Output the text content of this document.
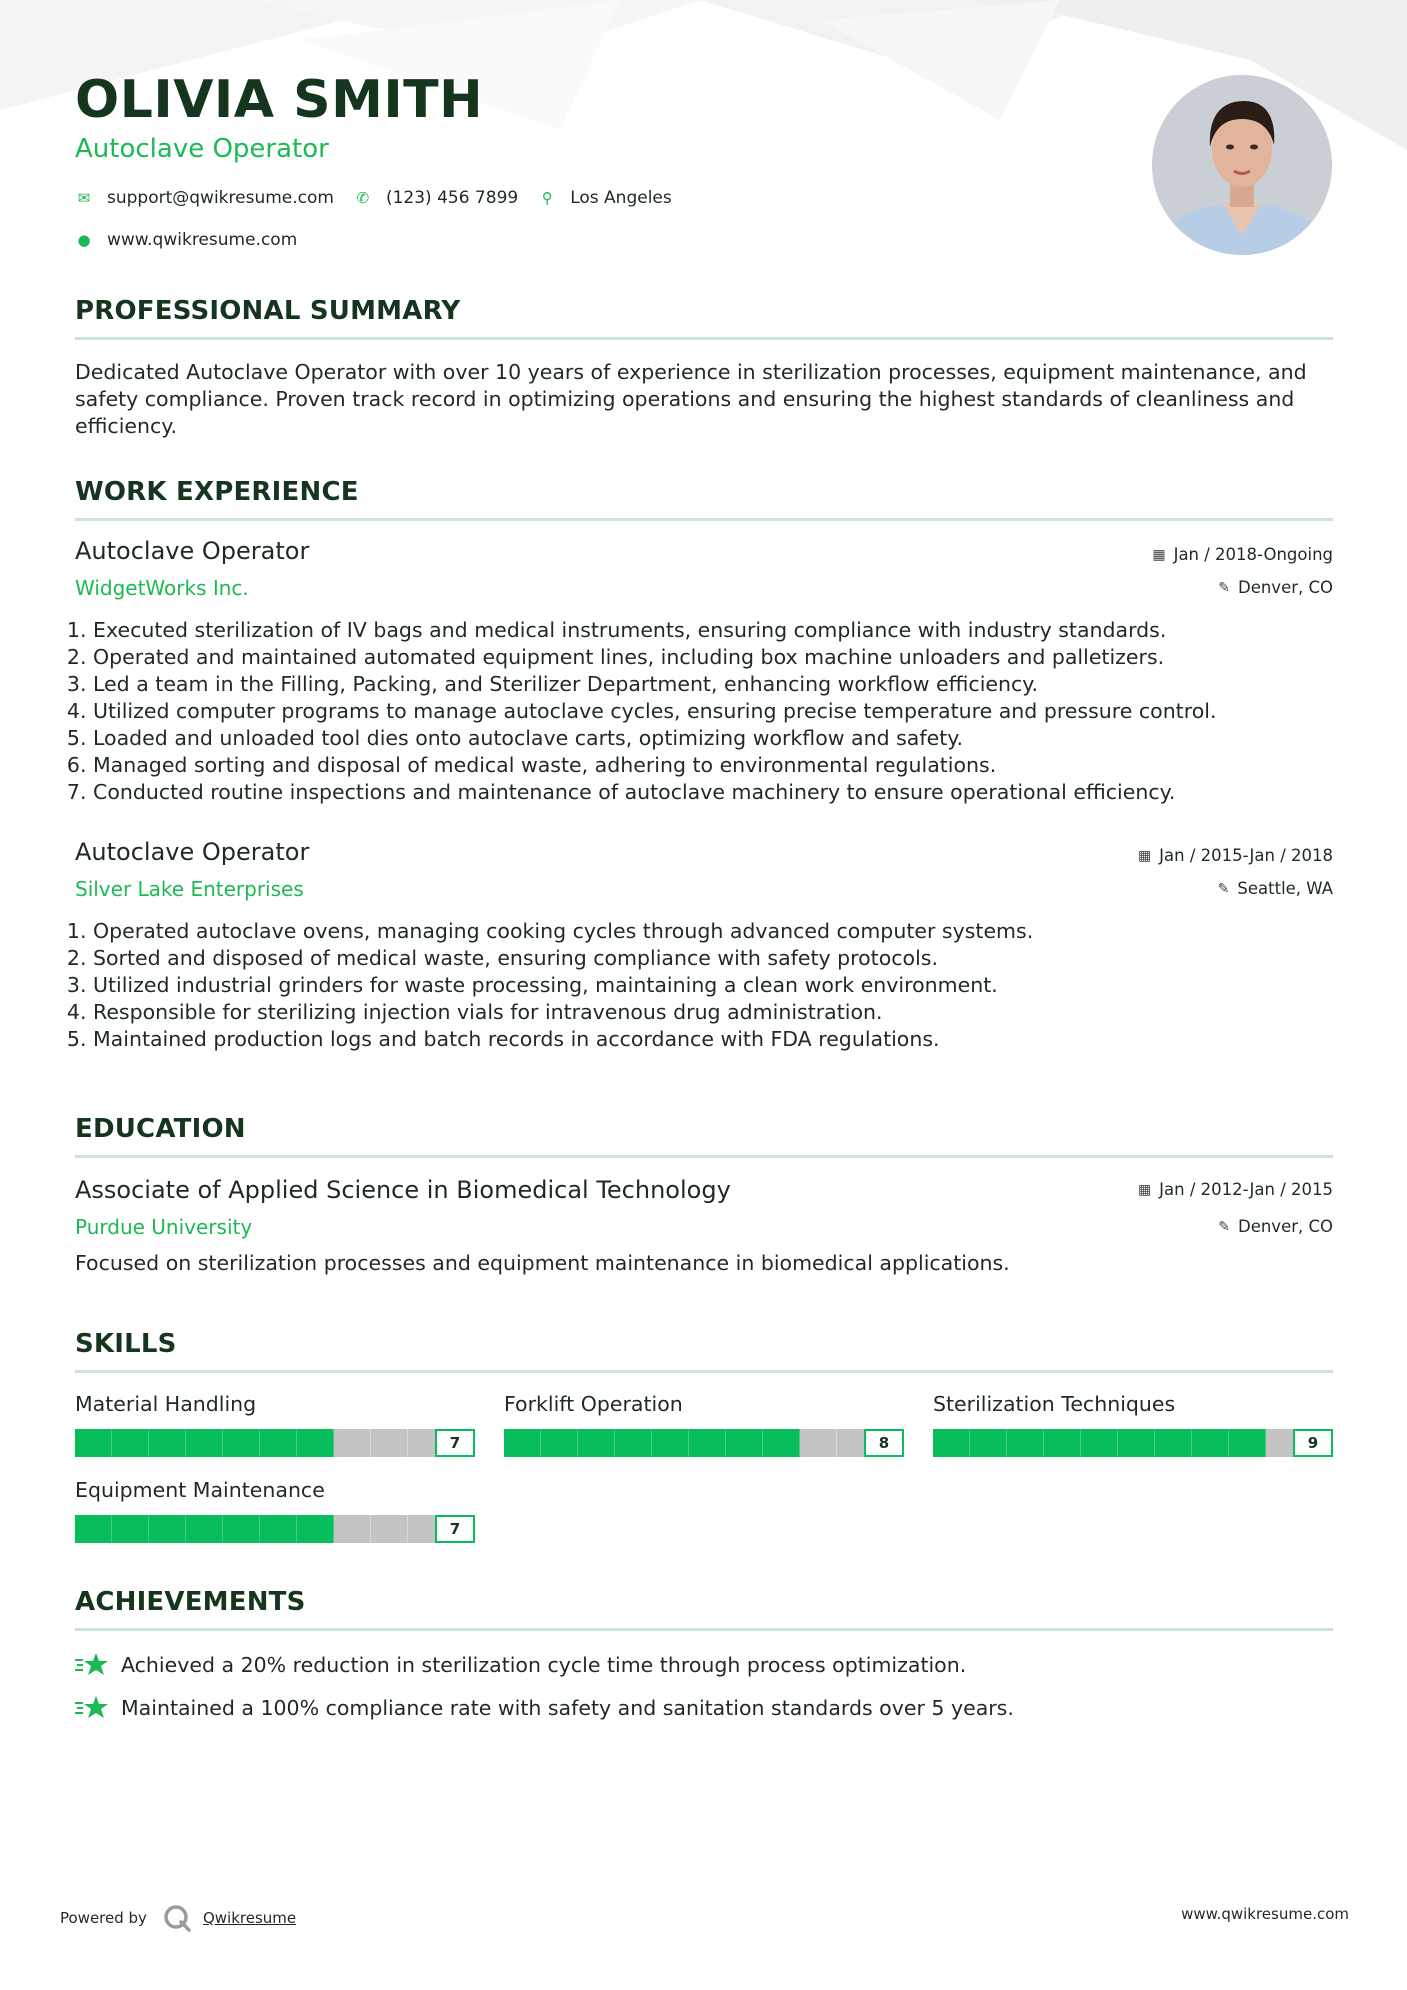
OLIVIA SMITH

Autoclave Operator

✉ support@qwikresume.com ✆ (123) 456 7899 ⚲ Los Angeles
● www.qwikresume.com
PROFESSIONAL SUMMARY

Dedicated Autoclave Operator with over 10 years of experience in sterilization processes, equipment maintenance, and safety compliance. Proven track record in optimizing operations and ensuring the highest standards of cleanliness and efficiency.

WORK EXPERIENCE

Autoclave Operator

WidgetWorks Inc.

▦ Jan / 2018-Ongoing
✎ Denver, CO
1. Executed sterilization of IV bags and medical instruments, ensuring compliance with industry standards.
2. Operated and maintained automated equipment lines, including box machine unloaders and palletizers.
3. Led a team in the Filling, Packing, and Sterilizer Department, enhancing workflow efficiency.
4. Utilized computer programs to manage autoclave cycles, ensuring precise temperature and pressure control.
5. Loaded and unloaded tool dies onto autoclave carts, optimizing workflow and safety.
6. Managed sorting and disposal of medical waste, adhering to environmental regulations.
7. Conducted routine inspections and maintenance of autoclave machinery to ensure operational efficiency.

Autoclave Operator

Silver Lake Enterprises

▦ Jan / 2015-Jan / 2018
✎ Seattle, WA
1. Operated autoclave ovens, managing cooking cycles through advanced computer systems.
2. Sorted and disposed of medical waste, ensuring compliance with safety protocols.
3. Utilized industrial grinders for waste processing, maintaining a clean work environment.
4. Responsible for sterilizing injection vials for intravenous drug administration.
5. Maintained production logs and batch records in accordance with FDA regulations.
EDUCATION

Associate of Applied Science in Biomedical Technology

Purdue University

▦ Jan / 2012-Jan / 2015
✎ Denver, CO

Focused on sterilization processes and equipment maintenance in biomedical applications.

SKILLS

Material Handling

7

Forklift Operation

8

Sterilization Techniques

9

Equipment Maintenance

7
ACHIEVEMENTS
Achieved a 20% reduction in sterilization cycle time through process optimization.
Maintained a 100% compliance rate with safety and sanitation standards over 5 years.
Powered by	Qwikresume	www.qwikresume.com
